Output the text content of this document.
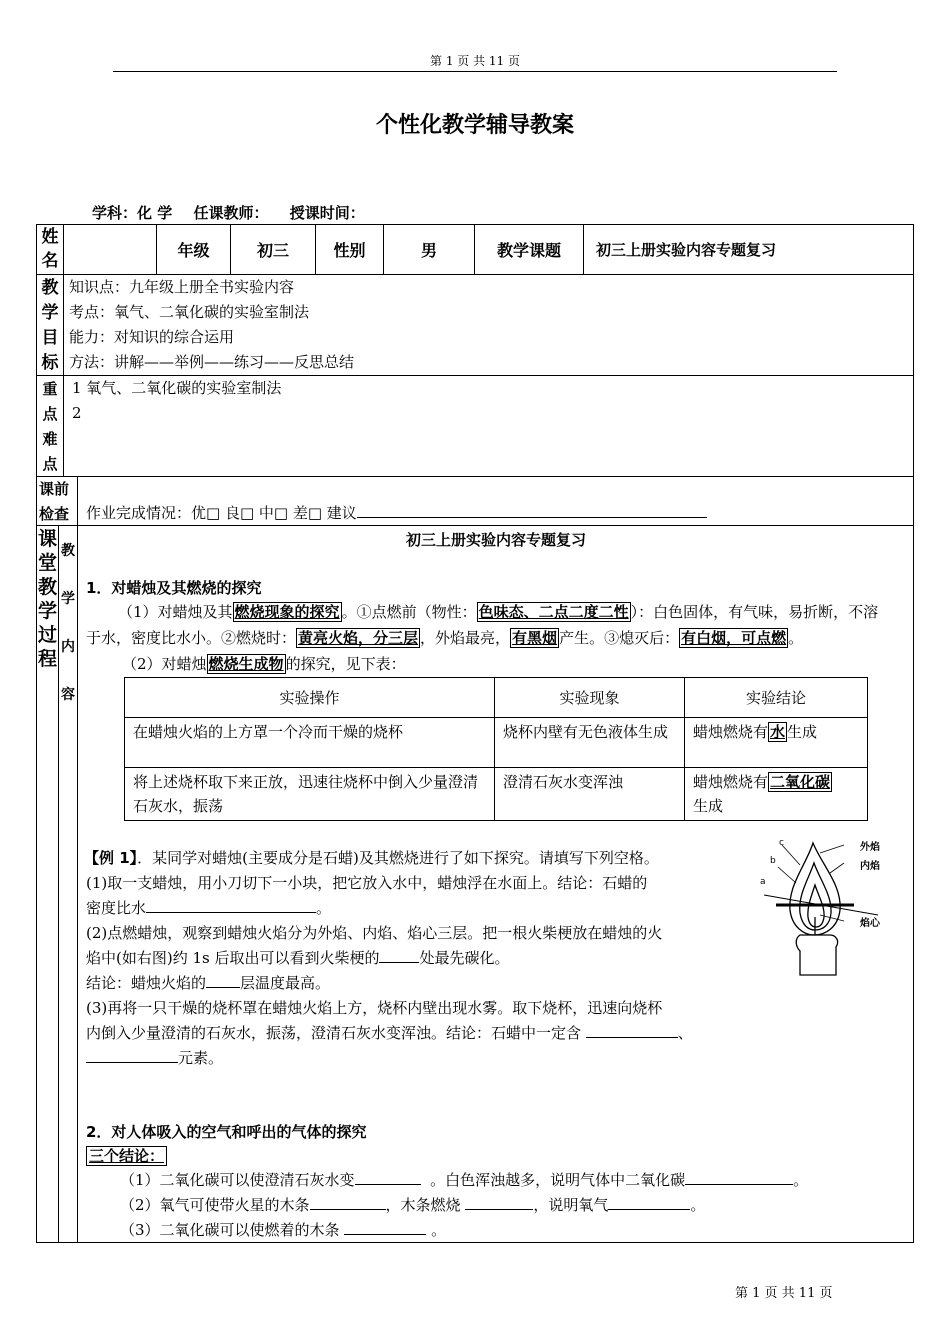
第 1 页 共 11 页
个性化教学辅导教案
学科：化 学 任课教师： 授课时间：
姓名
年级	初三	性别	男	教学课题	初三上册实验内容专题复习
教学目标
知识点：九年级上册全书实验内容
考点：氧气、二氧化碳的实验室制法
能力：对知识的综合运用
方法：讲解——举例——练习——反思总结
重点难点
1 氧气、二氧化碳的实验室制法
2
课前检查	作业完成情况：优□ 良□ 中□ 差□ 建议
课堂教学过程
教学内容
初三上册实验内容专题复习
1．对蜡烛及其燃烧的探究
（1）对蜡烛及其 燃烧现象的探究 。①点燃前（物性： 色味态、二点二度二性 ）：白色固体，有气味，易折断，不溶
于水，密度比水小。②燃烧时： 黄亮火焰，分三层 ，外焰最亮， 有黑烟 产生。③熄灭后： 有白烟，可点燃 。
（2）对蜡烛 燃烧生成物 的探究，见下表：
实验操作	实验现象	实验结论
在蜡烛火焰的上方罩一个冷而干燥的烧杯	烧杯内壁有无色液体生成	蜡烛燃烧有 水 生成
将上述烧杯取下来正放，迅速往烧杯中倒入少量澄清石灰水，振荡	澄清石灰水变浑浊	蜡烛燃烧有 二氧化碳
生成
【例 1】．某同学对蜡烛(主要成分是石蜡)及其燃烧进行了如下探究。请填写下列空格。
(1)取一支蜡烛，用小刀切下一小块，把它放入水中，蜡烛浮在水面上。结论：石蜡的
密度比水	。
(2)点燃蜡烛，观察到蜡烛火焰分为外焰、内焰、焰心三层。把一根火柴梗放在蜡烛的火
焰中(如右图)约 1s 后取出可以看到火柴梗的	处最先碳化。
结论：蜡烛火焰的 层温度最高。
(3)再将一只干燥的烧杯罩在蜡烛火焰上方，烧杯内壁出现水雾。取下烧杯，迅速向烧杯
内倒入少量澄清的石灰水，振荡，澄清石灰水变浑浊。结论：石蜡中一定含	、
元素。
外焰
内焰
焰心
a
b
c
2．对人体吸入的空气和呼出的气体的探究
三个结论：
（1）二氧化碳可以使澄清石灰水变	。白色浑浊越多，说明气体中二氧化碳	。
（2）氧气可使带火星的木条	，木条燃烧	，说明氧气	。
（3）二氧化碳可以使燃着的木条	。
第 1 页 共 11 页
